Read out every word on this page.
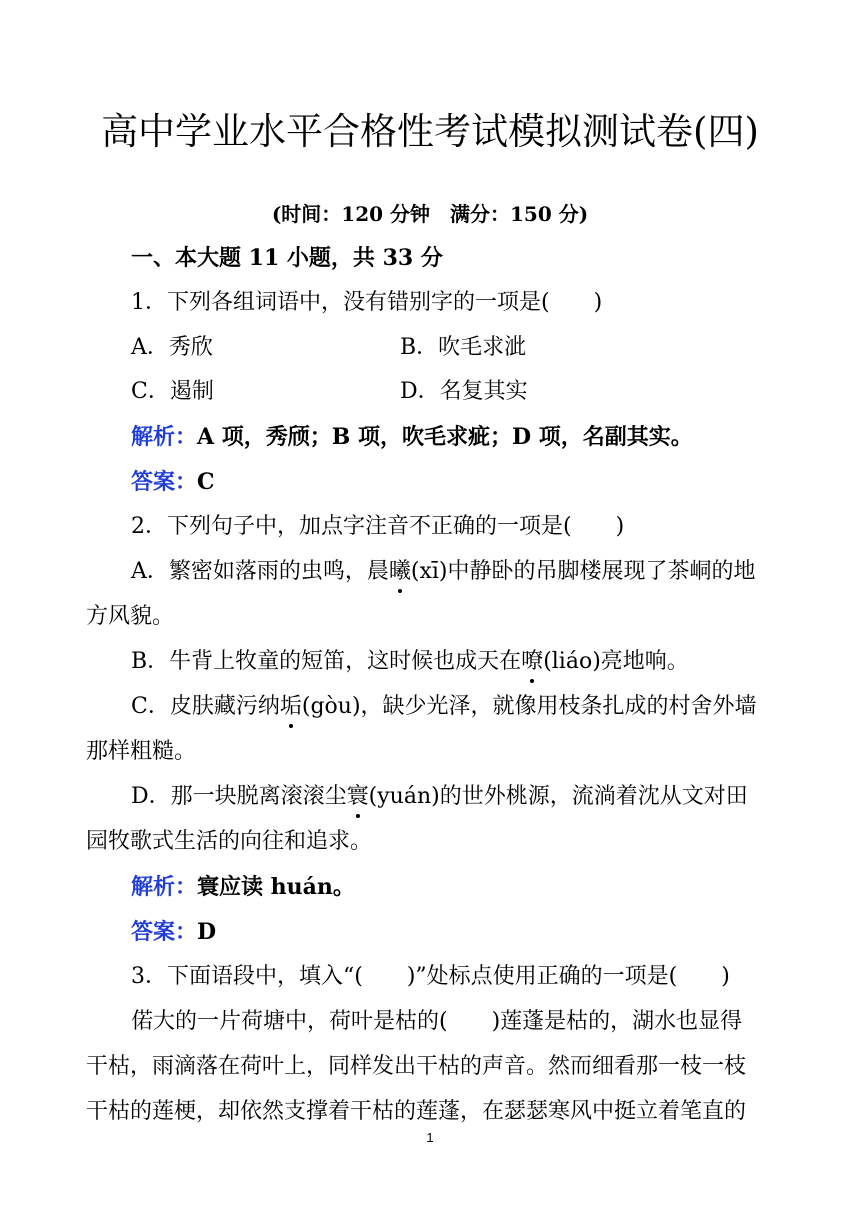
高中学业水平合格性考试模拟测试卷(四)
(时间：120 分钟　满分：150 分)
一、本大题 11 小题，共 33 分
1．下列各组词语中，没有错别字的一项是(　　)
A．秀欣	B．吹毛求泚
C．遏制	D．名复其实
解析：A 项，秀颀；B 项，吹毛求疵；D 项，名副其实。
答案：C
2．下列句子中，加点字注音不正确的一项是(　　)
A．繁密如落雨的虫鸣，晨曦(xī)中静卧的吊脚楼展现了茶峒的地
方风貌。
B．牛背上牧童的短笛，这时候也成天在嘹(liáo)亮地响。
C．皮肤藏污纳垢(gòu)，缺少光泽，就像用枝条扎成的村舍外墙
那样粗糙。
D．那一块脱离滚滚尘寰(yuán)的世外桃源，流淌着沈从文对田
园牧歌式生活的向往和追求。
解析：寰应读 huán。
答案：D
3．下面语段中，填入“(　　)”处标点使用正确的一项是(　　)
偌大的一片荷塘中，荷叶是枯的(　　)莲蓬是枯的，湖水也显得
干枯，雨滴落在荷叶上，同样发出干枯的声音。然而细看那一枝一枝
干枯的莲梗，却依然支撑着干枯的莲蓬，在瑟瑟寒风中挺立着笔直的
1
